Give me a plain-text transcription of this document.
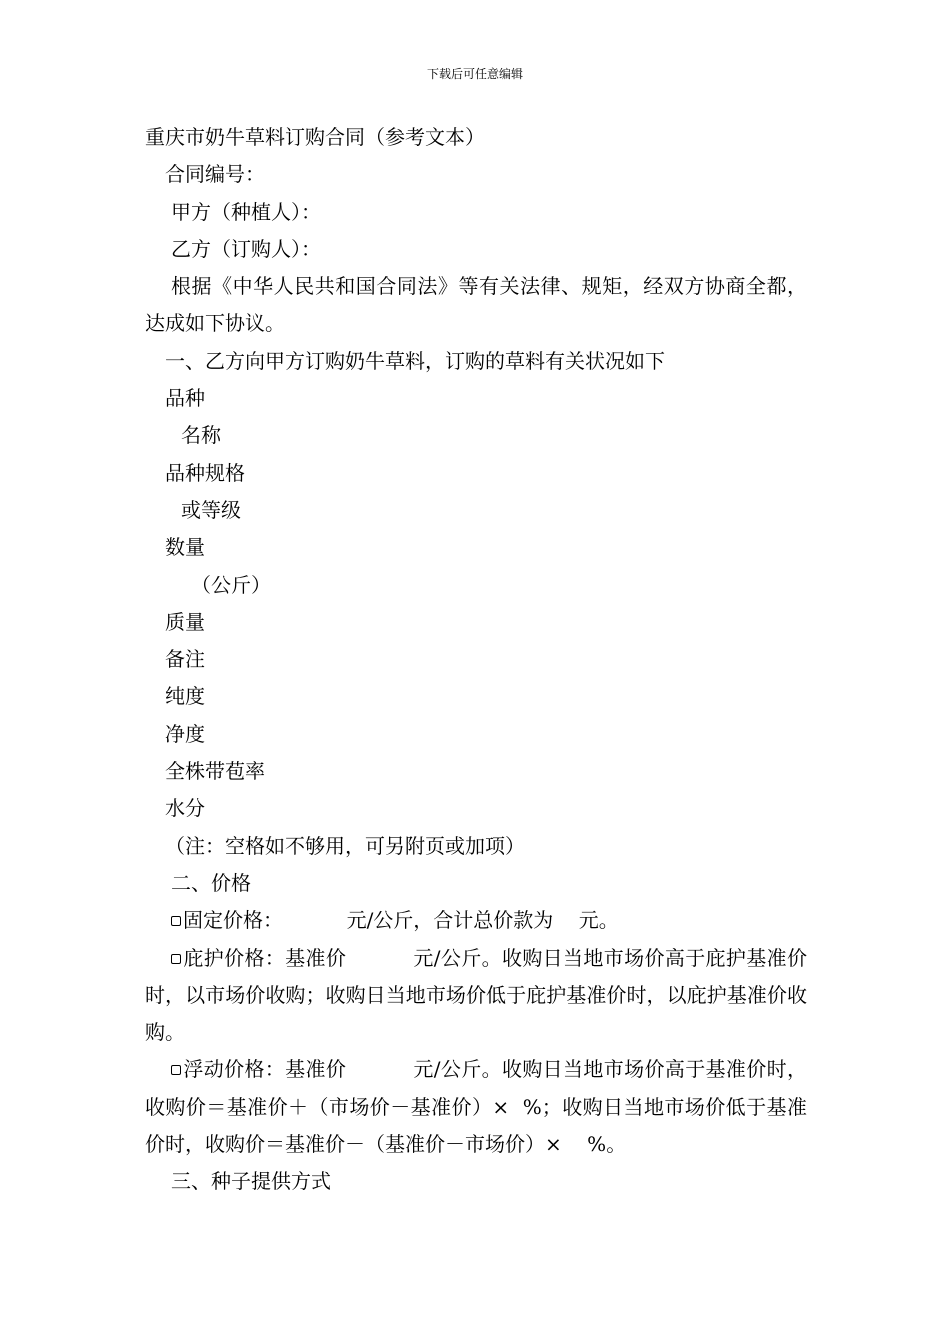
下载后可任意编辑
重庆市奶牛草料订购合同（参考文本）
合同编号：
甲方（种植人）：
乙方（订购人）：
根据《中华人民共和国合同法》等有关法律、规矩，经双方协商全都，达成如下协议。
一、乙方向甲方订购奶牛草料，订购的草料有关状况如下
品种
名称
品种规格
或等级
数量
（公斤）
质量
备注
纯度
净度
全株带苞率
水分
（注：空格如不够用，可另附页或加项）
二、价格
固定价格：          元/公斤，合计总价款为    元。
庇护价格：基准价          元/公斤。收购日当地市场价高于庇护基准价时，以市场价收购；收购日当地市场价低于庇护基准价时，以庇护基准价收购。
浮动价格：基准价          元/公斤。收购日当地市场价高于基准价时，收购价＝基准价＋（市场价－基准价）×  %；收购日当地市场价低于基准价时，收购价＝基准价－（基准价－市场价）×    %。
三、种子提供方式
